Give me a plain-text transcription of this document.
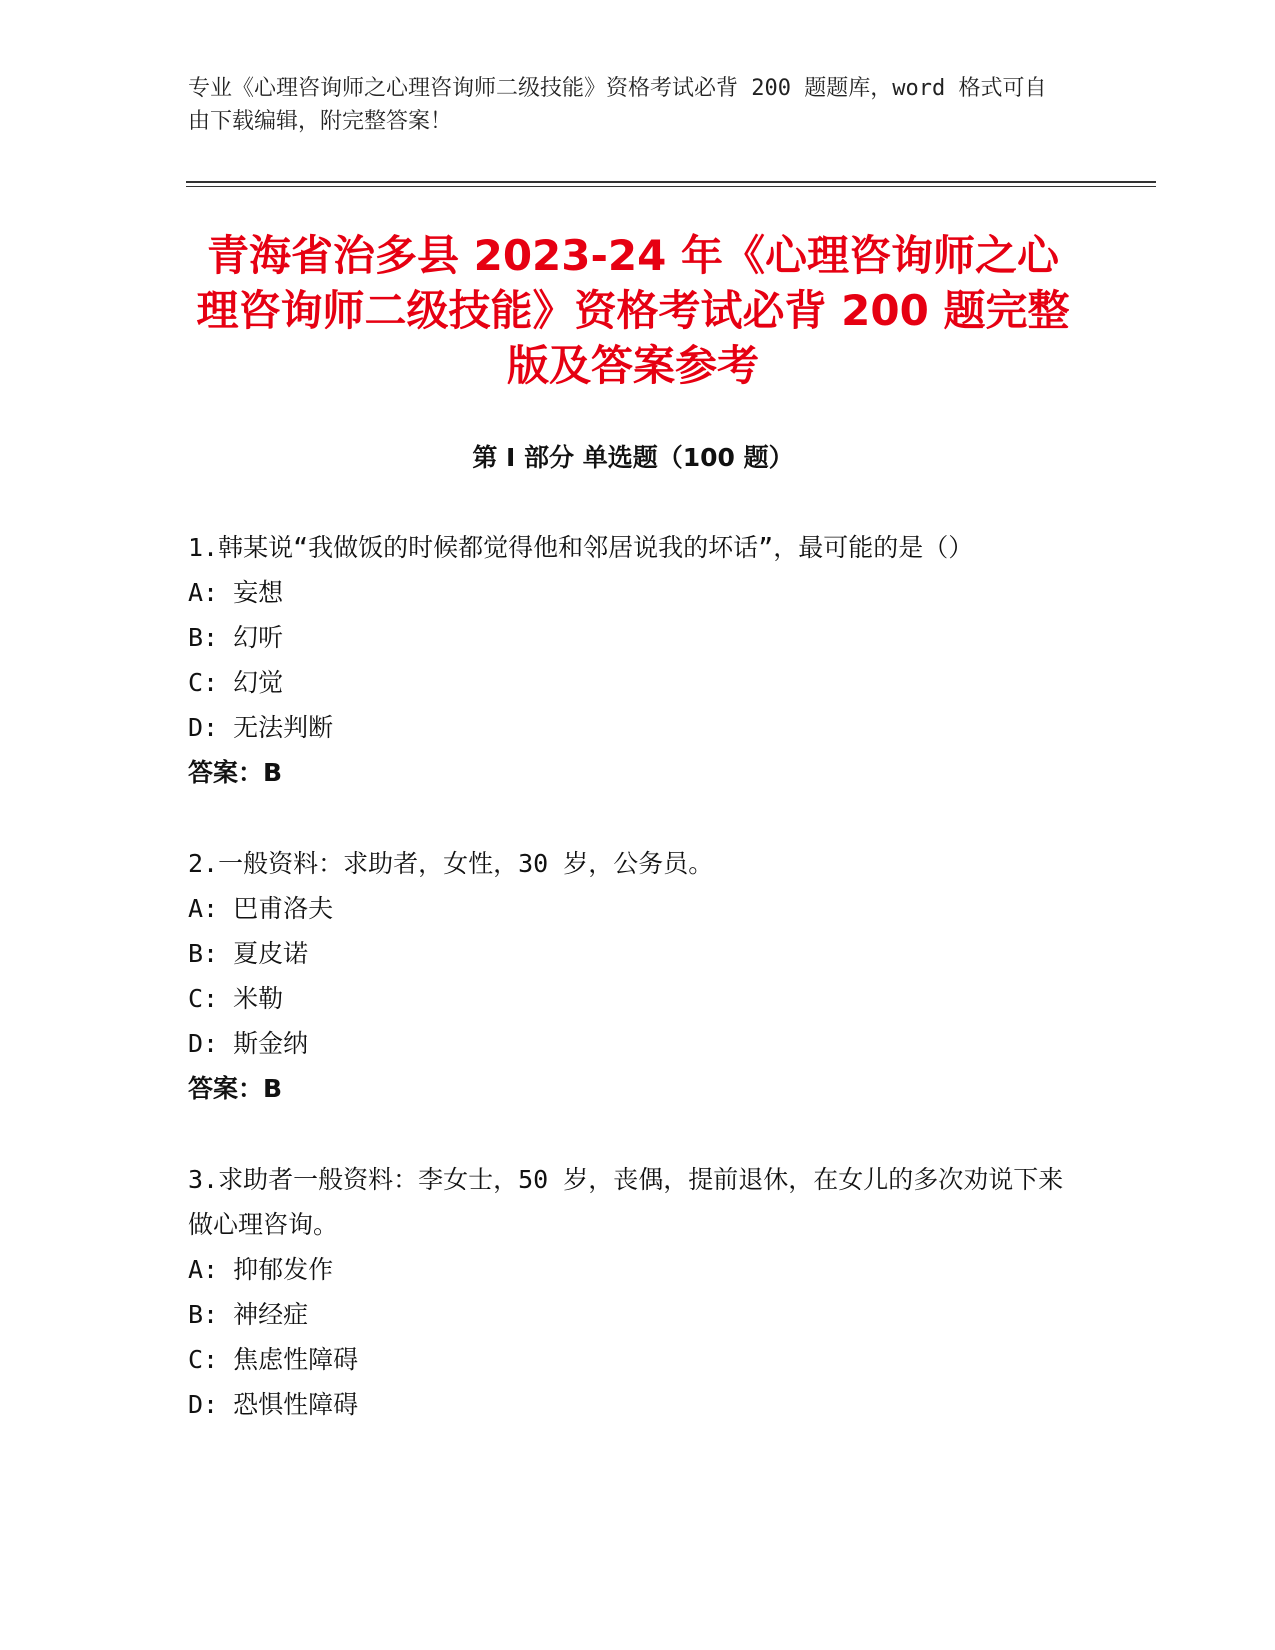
专业《心理咨询师之心理咨询师二级技能》资格考试必背 200 题题库，word 格式可自由下载编辑，附完整答案！
青海省治多县 2023-24 年《心理咨询师之心理咨询师二级技能》资格考试必背 200 题完整版及答案参考
第 I 部分 单选题（100 题）
1.韩某说“我做饭的时候都觉得他和邻居说我的坏话”，最可能的是（）
A: 妄想
B: 幻听
C: 幻觉
D: 无法判断
答案：B
2.一般资料：求助者，女性，30 岁，公务员。
A: 巴甫洛夫
B: 夏皮诺
C: 米勒
D: 斯金纳
答案：B
3.求助者一般资料：李女士，50 岁，丧偶，提前退休，在女儿的多次劝说下来做心理咨询。
A: 抑郁发作
B: 神经症
C: 焦虑性障碍
D: 恐惧性障碍
